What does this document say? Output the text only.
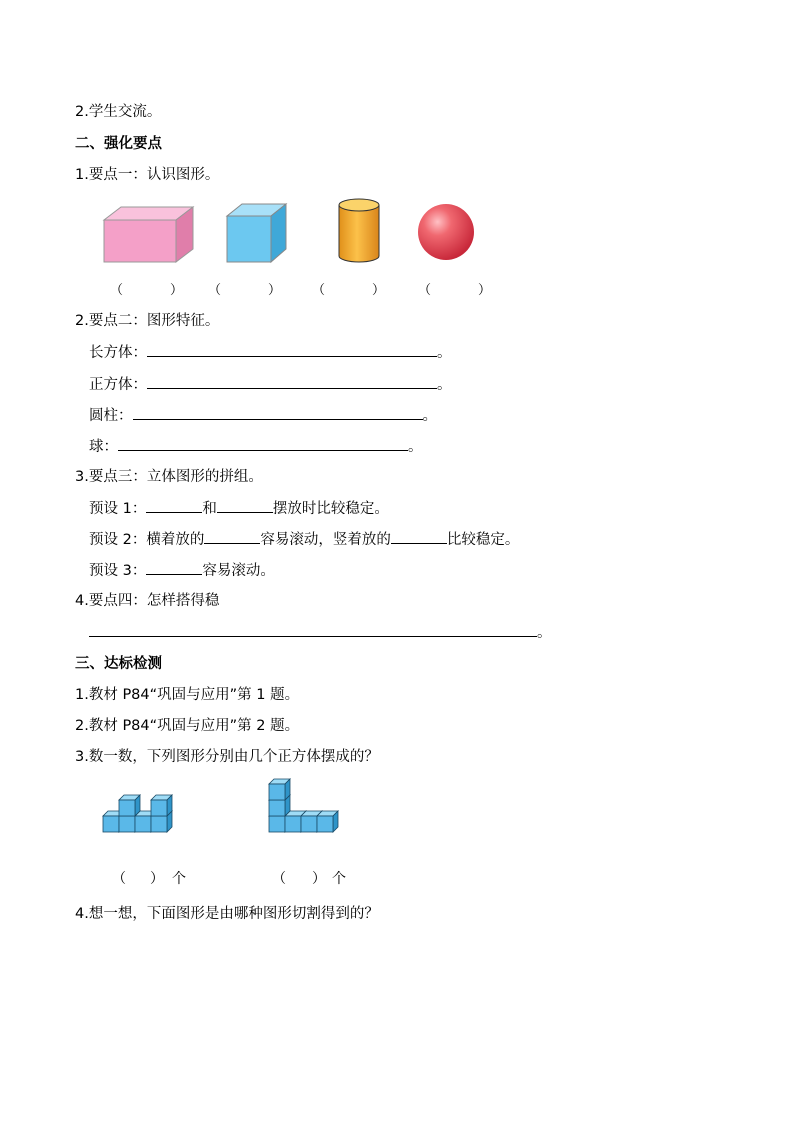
2.学生交流。
二、强化要点
1.要点一：认识图形。
（	） （	） （	）	（	）
2.要点二：图形特征。
长方体：	。
正方体：	。
圆柱：	。
球：	。
3.要点三：立体图形的拼组。
预设 1：	和	摆放时比较稳定。
预设 2：横着放的	容易滚动，竖着放的	比较稳定。
预设 3：	容易滚动。
4.要点四：怎样搭得稳
。
三、达标检测
1.教材 P84“巩固与应用”第 1 题。
2.教材 P84“巩固与应用”第 2 题。
3.数一数，下列图形分别由几个正方体摆成的？
（ ） 个	（ ） 个
4.想一想，下面图形是由哪种图形切割得到的？
